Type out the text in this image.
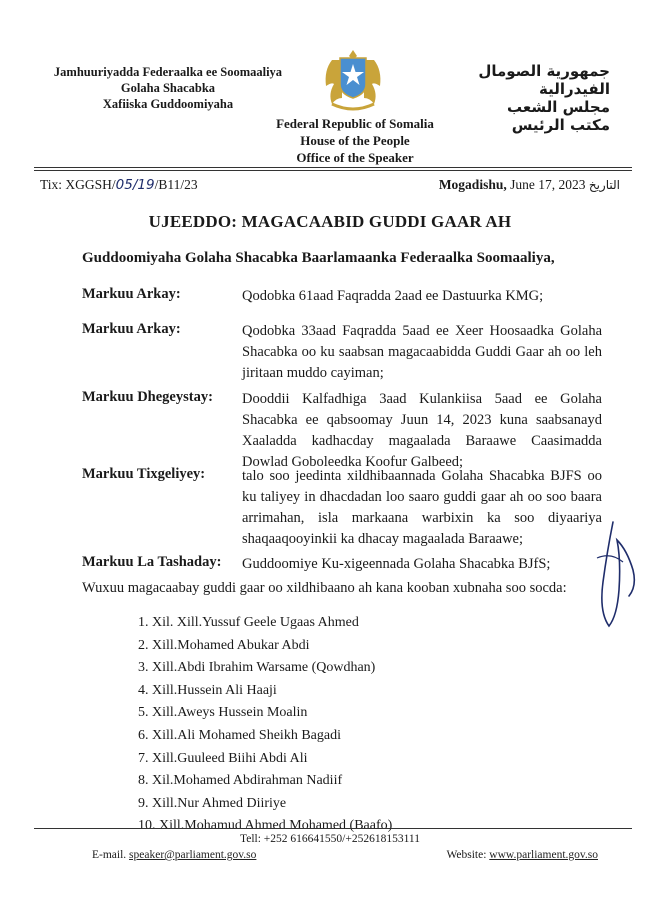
Jamhuuriyadda Federaalka ee Soomaaliya
Golaha Shacabka
Xafiiska Guddoomiyaha
جمهورية الصومال الفيدرالية
مجلس الشعب
مكتب الرئيس
Federal Republic of Somalia
House of the People
Office of the Speaker
Tix: XGGSH/05/19/B11/23	Mogadishu, June 17, 2023 التاريخ
UJEEDDO: MAGACAABID GUDDI GAAR AH
Guddoomiyaha Golaha Shacabka Baarlamaanka Federaalka Soomaaliya,
Markuu Arkay:	Qodobka 61aad Faqradda 2aad ee Dastuurka KMG;
Markuu Arkay:	Qodobka 33aad Faqradda 5aad ee Xeer Hoosaadka Golaha Shacabka oo ku saabsan magacaabidda Guddi Gaar ah oo leh jiritaan muddo cayiman;
Markuu Dhegeystay: Dooddii Kalfadhiga 3aad Kulankiisa 5aad ee Golaha Shacabka ee qabsoomay Juun 14, 2023 kuna saabsanayd Xaaladda kadhacday magaalada Baraawe Caasimadda Dowlad Goboleedka Koofur Galbeed;
Markuu Tixgeliyey:	talo soo jeedinta xildhibaannada Golaha Shacabka BJFS oo ku taliyey in dhacdadan loo saaro guddi gaar ah oo soo baara arrimahan, isla markaana warbixin ka soo diyaariya shaqaaqooyinkii ka dhacay magaalada Baraawe;
Markuu La Tashaday: Guddoomiye Ku-xigeennada Golaha Shacabka BJfS;
Wuxuu magacaabay guddi gaar oo xildhibaano ah kana kooban xubnaha soo socda:
1. Xil. Xill.Yussuf Geele Ugaas Ahmed
2. Xill.Mohamed Abukar Abdi
3. Xill.Abdi Ibrahim Warsame (Qowdhan)
4. Xill.Hussein Ali Haaji
5. Xill.Aweys Hussein Moalin
6. Xill.Ali Mohamed Sheikh Bagadi
7. Xill.Guuleed Biihi Abdi Ali
8. Xil.Mohamed Abdirahman Nadiif
9. Xill.Nur Ahmed Diiriye
10. Xill.Mohamud Ahmed Mohamed (Baafo)
Tell: +252 616641550/+252618153111
E-mail. speaker@parliament.gov.so	Website: www.parliament.gov.so
